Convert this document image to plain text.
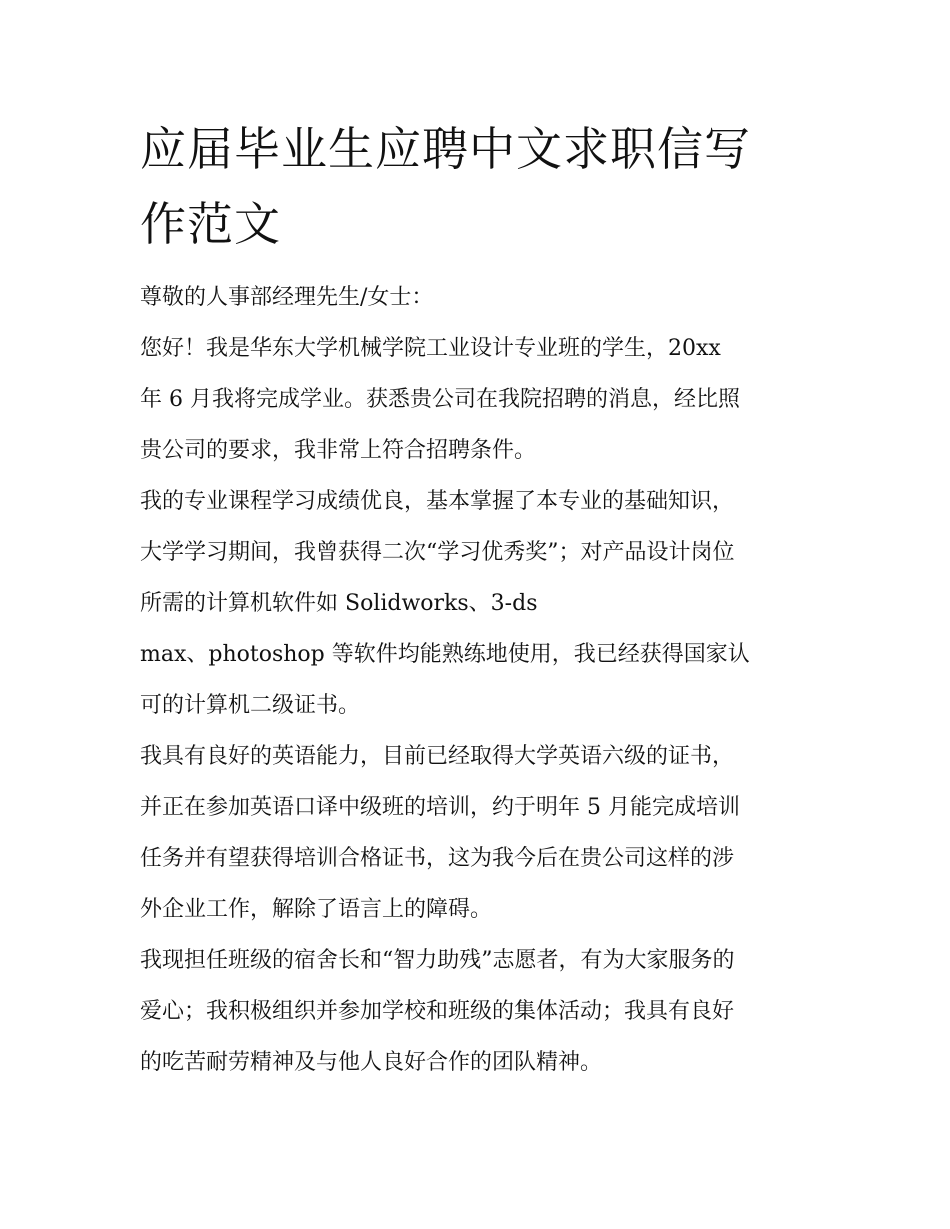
应届毕业生应聘中文求职信写
作范文
尊敬的人事部经理先生/女士：
您好！我是华东大学机械学院工业设计专业班的学生，20xx
年 6 月我将完成学业。获悉贵公司在我院招聘的消息，经比照
贵公司的要求，我非常上符合招聘条件。
我的专业课程学习成绩优良，基本掌握了本专业的基础知识，
大学学习期间，我曾获得二次“学习优秀奖”；对产品设计岗位
所需的计算机软件如 Solidworks、3-ds
max、photoshop 等软件均能熟练地使用，我已经获得国家认
可的计算机二级证书。
我具有良好的英语能力，目前已经取得大学英语六级的证书，
并正在参加英语口译中级班的培训，约于明年 5 月能完成培训
任务并有望获得培训合格证书，这为我今后在贵公司这样的涉
外企业工作，解除了语言上的障碍。
我现担任班级的宿舍长和“智力助残”志愿者，有为大家服务的
爱心；我积极组织并参加学校和班级的集体活动；我具有良好
的吃苦耐劳精神及与他人良好合作的团队精神。
